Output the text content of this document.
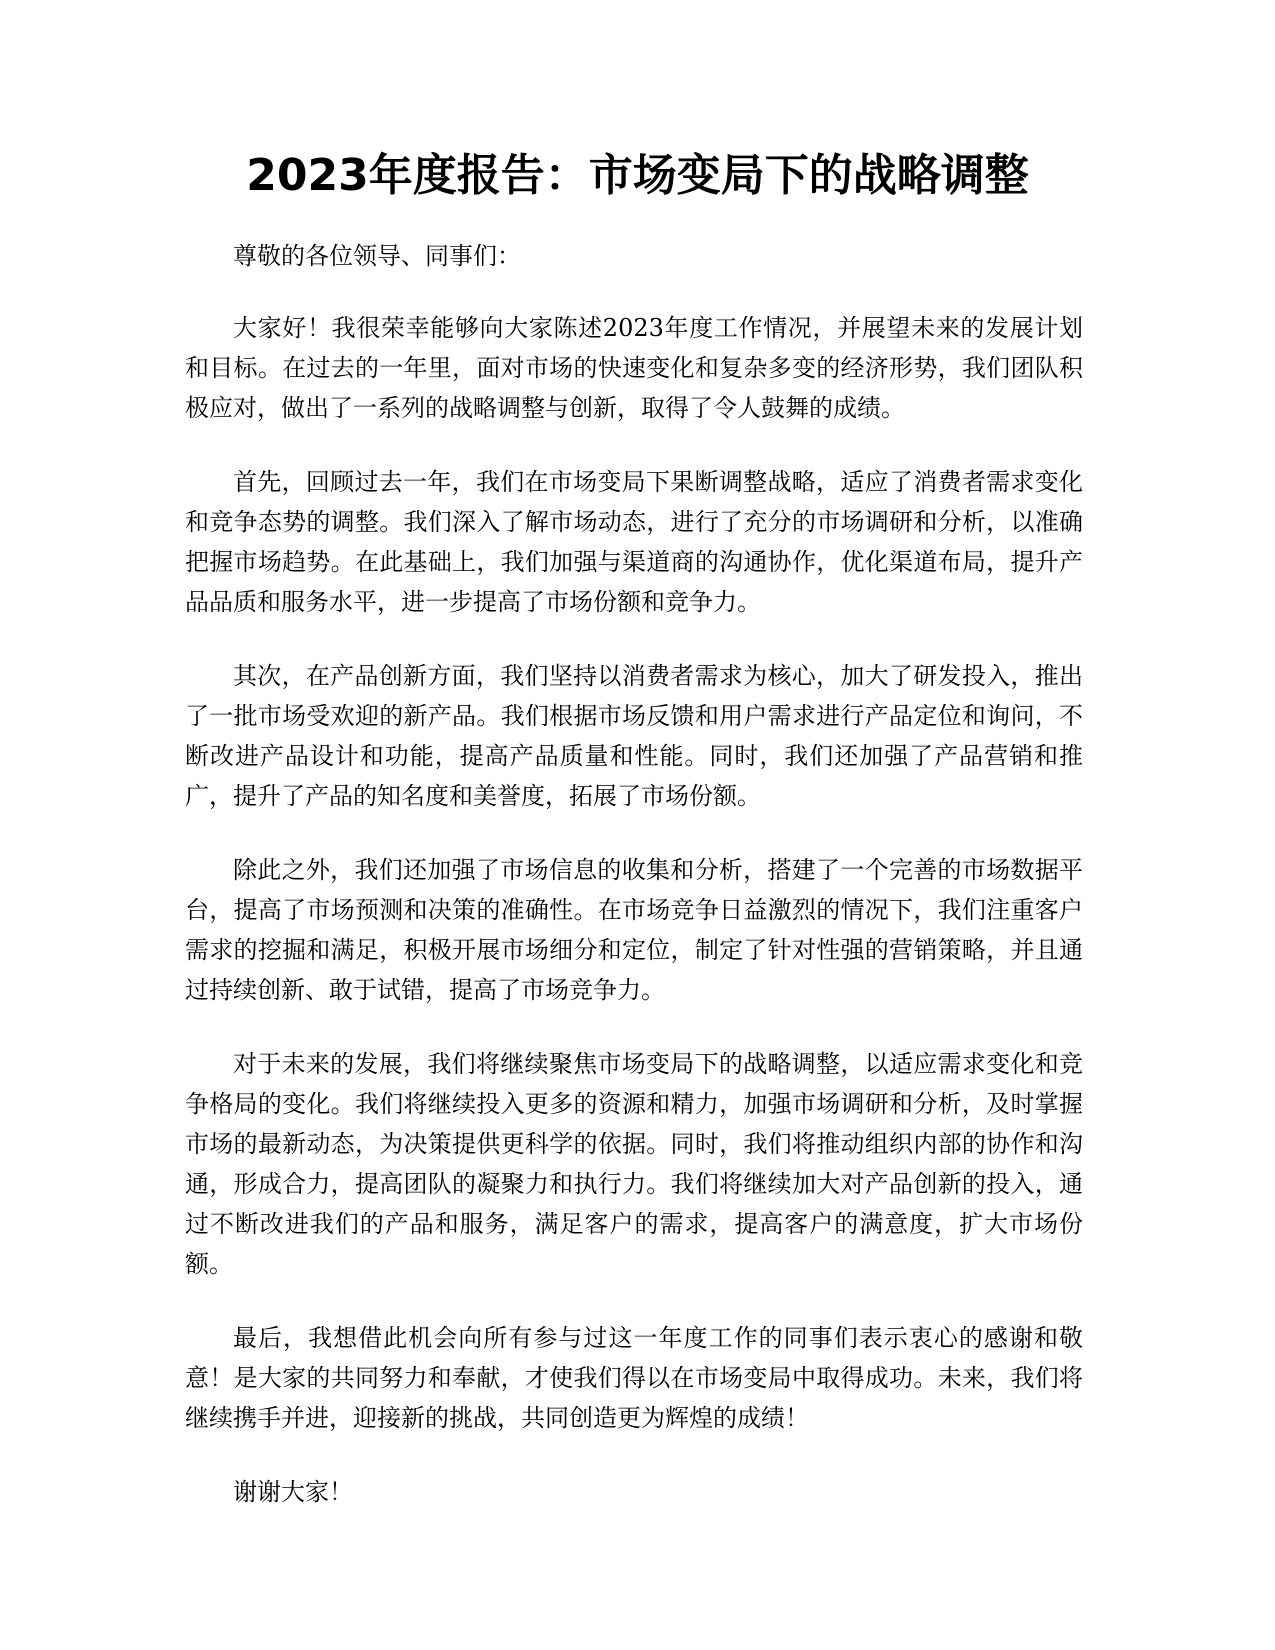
2023年度报告：市场变局下的战略调整

尊敬的各位领导、同事们：

大家好！我很荣幸能够向大家陈述2023年度工作情况，并展望未来的发展计划和目标。在过去的一年里，面对市场的快速变化和复杂多变的经济形势，我们团队积极应对，做出了一系列的战略调整与创新，取得了令人鼓舞的成绩。

首先，回顾过去一年，我们在市场变局下果断调整战略，适应了消费者需求变化和竞争态势的调整。我们深入了解市场动态，进行了充分的市场调研和分析，以准确把握市场趋势。在此基础上，我们加强与渠道商的沟通协作，优化渠道布局，提升产品品质和服务水平，进一步提高了市场份额和竞争力。

其次，在产品创新方面，我们坚持以消费者需求为核心，加大了研发投入，推出了一批市场受欢迎的新产品。我们根据市场反馈和用户需求进行产品定位和询问，不断改进产品设计和功能，提高产品质量和性能。同时，我们还加强了产品营销和推广，提升了产品的知名度和美誉度，拓展了市场份额。

除此之外，我们还加强了市场信息的收集和分析，搭建了一个完善的市场数据平台，提高了市场预测和决策的准确性。在市场竞争日益激烈的情况下，我们注重客户需求的挖掘和满足，积极开展市场细分和定位，制定了针对性强的营销策略，并且通过持续创新、敢于试错，提高了市场竞争力。

对于未来的发展，我们将继续聚焦市场变局下的战略调整，以适应需求变化和竞争格局的变化。我们将继续投入更多的资源和精力，加强市场调研和分析，及时掌握市场的最新动态，为决策提供更科学的依据。同时，我们将推动组织内部的协作和沟通，形成合力，提高团队的凝聚力和执行力。我们将继续加大对产品创新的投入，通过不断改进我们的产品和服务，满足客户的需求，提高客户的满意度，扩大市场份额。

最后，我想借此机会向所有参与过这一年度工作的同事们表示衷心的感谢和敬意！是大家的共同努力和奉献，才使我们得以在市场变局中取得成功。未来，我们将继续携手并进，迎接新的挑战，共同创造更为辉煌的成绩！

谢谢大家！
